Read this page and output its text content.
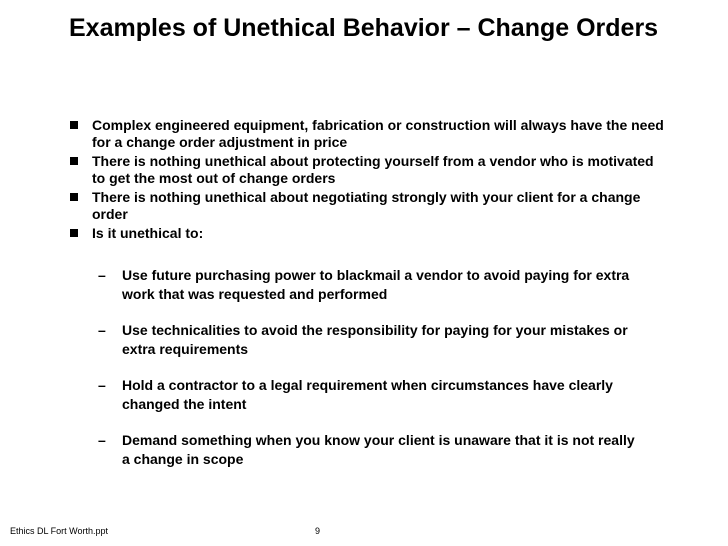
Examples of Unethical Behavior – Change Orders
Complex engineered equipment, fabrication or construction will always have the need for a change order adjustment in price
There is nothing unethical about protecting yourself from a vendor who is motivated to get the most out of change orders
There is nothing unethical about negotiating strongly with your client for a change order
Is it unethical to:
– Use future purchasing power to blackmail a vendor to avoid paying for extra work that was requested and performed
– Use technicalities to avoid the responsibility for paying for your mistakes or extra requirements
– Hold a contractor to a legal requirement when circumstances have clearly changed the intent
– Demand something when you know your client is unaware that it is not really a change in scope
Ethics DL Fort Worth.ppt	9
